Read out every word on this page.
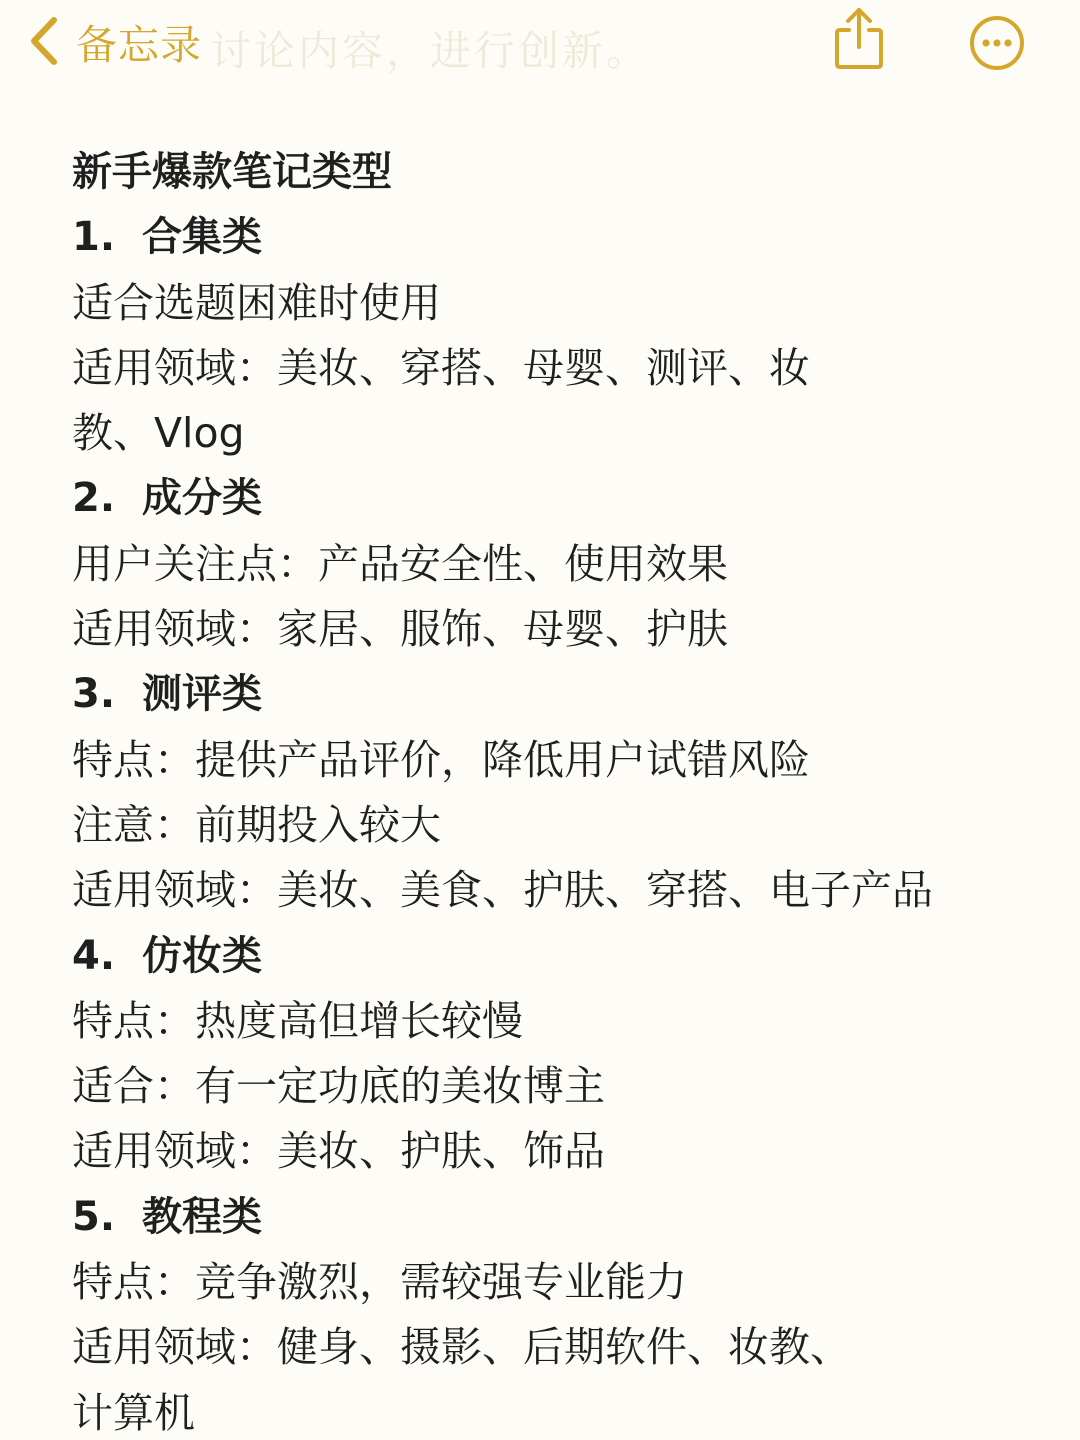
讨论内容，进行创新。
备忘录
新手爆款笔记类型
1. 合集类
适合选题困难时使用
适用领域：美妆、穿搭、母婴、测评、妆
教、Vlog
2. 成分类
用户关注点：产品安全性、使用效果
适用领域：家居、服饰、母婴、护肤
3. 测评类
特点：提供产品评价，降低用户试错风险
注意：前期投入较大
适用领域：美妆、美食、护肤、穿搭、电子产品
4. 仿妆类
特点：热度高但增长较慢
适合：有一定功底的美妆博主
适用领域：美妆、护肤、饰品
5. 教程类
特点：竞争激烈，需较强专业能力
适用领域：健身、摄影、后期软件、妆教、
计算机
